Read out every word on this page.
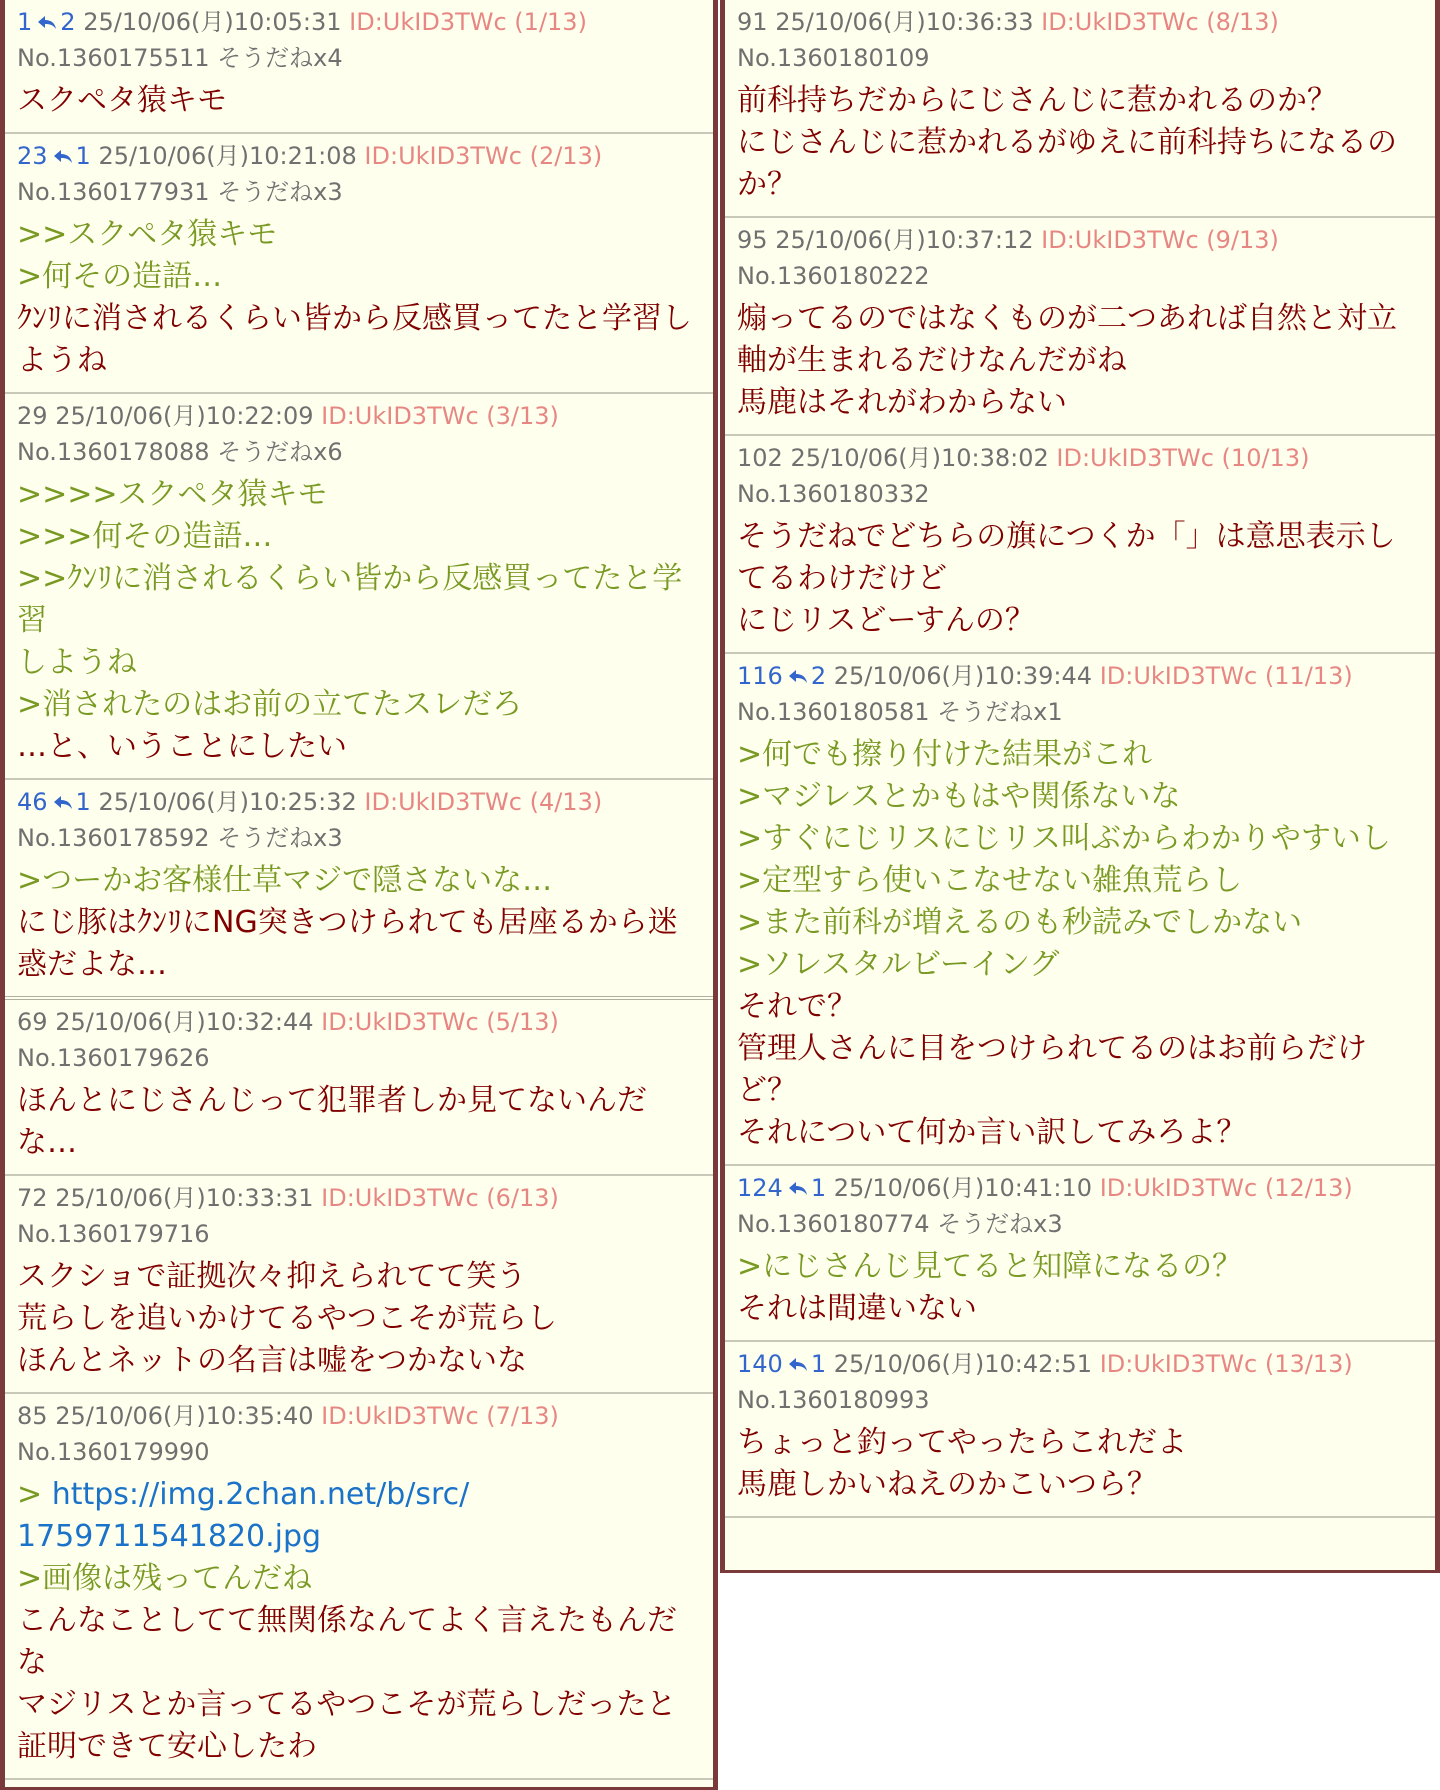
1 2 25/10/06(月)10:05:31 ID:UkID3TWc (1/13)
No.1360175511 そうだねx4
スクペタ猿キモ
23 1 25/10/06(月)10:21:08 ID:UkID3TWc (2/13)
No.1360177931 そうだねx3
>>スクペタ猿キモ
>何その造語…
ｸﾝﾘに消されるくらい皆から反感買ってたと学習し
ようね
29 25/10/06(月)10:22:09 ID:UkID3TWc (3/13)
No.1360178088 そうだねx6
>>>>スクペタ猿キモ
>>>何その造語…
>>ｸﾝﾘに消されるくらい皆から反感買ってたと学習
しようね
>消されたのはお前の立てたスレだろ
…と、いうことにしたい
46 1 25/10/06(月)10:25:32 ID:UkID3TWc (4/13)
No.1360178592 そうだねx3
>つーかお客様仕草マジで隠さないな…
にじ豚はｸﾝﾘにNG突きつけられても居座るから迷
惑だよな…
69 25/10/06(月)10:32:44 ID:UkID3TWc (5/13)
No.1360179626
ほんとにじさんじって犯罪者しか見てないんだ
な…
72 25/10/06(月)10:33:31 ID:UkID3TWc (6/13)
No.1360179716
スクショで証拠次々抑えられてて笑う
荒らしを追いかけてるやつこそが荒らし
ほんとネットの名言は嘘をつかないな
85 25/10/06(月)10:35:40 ID:UkID3TWc (7/13)
No.1360179990
> https://img.2chan.net/b/src/
1759711541820.jpg
>画像は残ってんだね
こんなことしてて無関係なんてよく言えたもんだ
な
マジリスとか言ってるやつこそが荒らしだったと
証明できて安心したわ
91 25/10/06(月)10:36:33 ID:UkID3TWc (8/13)
No.1360180109
前科持ちだからにじさんじに惹かれるのか？
にじさんじに惹かれるがゆえに前科持ちになるの
か？
95 25/10/06(月)10:37:12 ID:UkID3TWc (9/13)
No.1360180222
煽ってるのではなくものが二つあれば自然と対立
軸が生まれるだけなんだがね
馬鹿はそれがわからない
102 25/10/06(月)10:38:02 ID:UkID3TWc (10/13)
No.1360180332
そうだねでどちらの旗につくか「」は意思表示し
てるわけだけど
にじリスどーすんの？
116 2 25/10/06(月)10:39:44 ID:UkID3TWc (11/13)
No.1360180581 そうだねx1
>何でも擦り付けた結果がこれ
>マジレスとかもはや関係ないな
>すぐにじリスにじリス叫ぶからわかりやすいし
>定型すら使いこなせない雑魚荒らし
>また前科が増えるのも秒読みでしかない
>ソレスタルビーイング
それで？
管理人さんに目をつけられてるのはお前らだけ
ど？
それについて何か言い訳してみろよ？
124 1 25/10/06(月)10:41:10 ID:UkID3TWc (12/13)
No.1360180774 そうだねx3
>にじさんじ見てると知障になるの？
それは間違いない
140 1 25/10/06(月)10:42:51 ID:UkID3TWc (13/13)
No.1360180993
ちょっと釣ってやったらこれだよ
馬鹿しかいねえのかこいつら？
